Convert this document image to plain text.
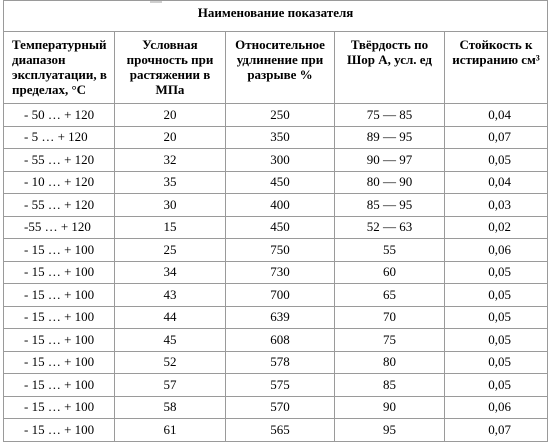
Наименование показателя				
Температурный диапазон эксплуатации, в пределах, °С	Условная прочность при растяжении в МПа	Относительное удлинение при разрыве %	Твёрдость по Шор А, усл. ед	Стойкость к истиранию см³
- 50 … + 120	20	250	75 — 85	0,04
- 5 … + 120	20	350	89 — 95	0,07
- 55 … + 120	32	300	90 — 97	0,05
- 10 … + 120	35	450	80 — 90	0,04
- 55 … + 120	30	400	85 — 95	0,03
-55 … + 120	15	450	52 — 63	0,02
- 15 … + 100	25	750	55	0,06
- 15 … + 100	34	730	60	0,05
- 15 … + 100	43	700	65	0,05
- 15 … + 100	44	639	70	0,05
- 15 … + 100	45	608	75	0,05
- 15 … + 100	52	578	80	0,05
- 15 … + 100	57	575	85	0,05
- 15 … + 100	58	570	90	0,06
- 15 … + 100	61	565	95	0,07
